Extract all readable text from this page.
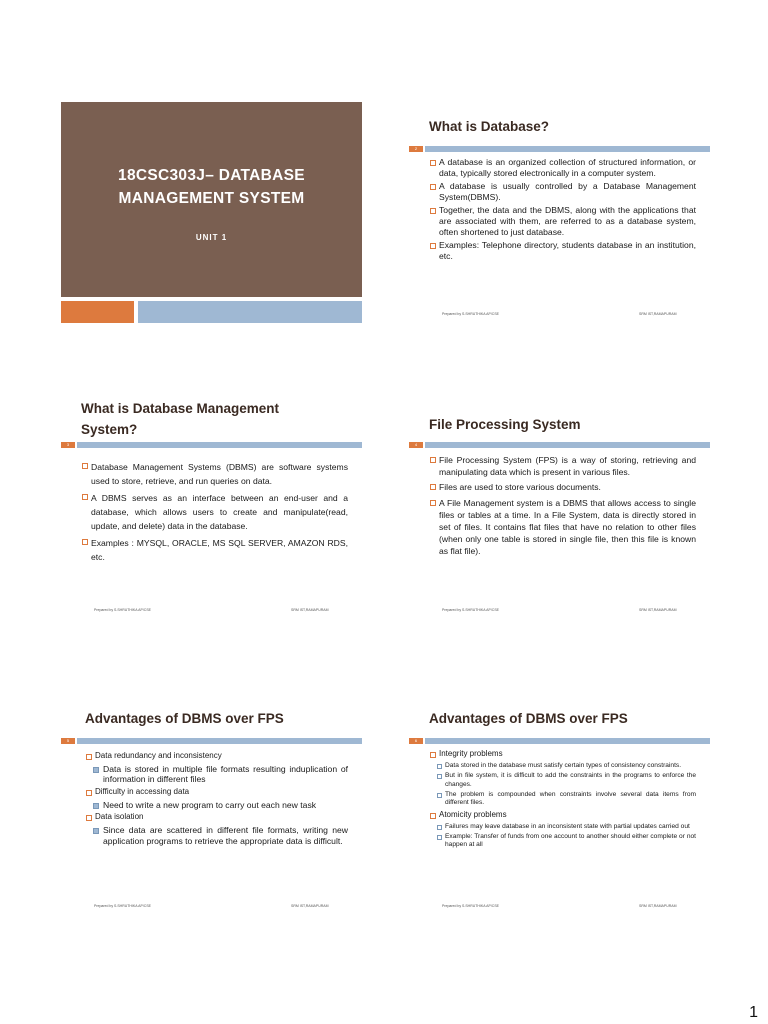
18CSC303J– DATABASE
MANAGEMENT SYSTEM
UNIT 1
What is Database?
2
A database is an organized collection of structured information, or data, typically stored electronically in a computer system.
A database is usually controlled by a Database Management System(DBMS).
Together, the data and the DBMS, along with the applications that are associated with them, are referred to as a database system, often shortened to just database.
Examples: Telephone directory, students database in an institution, etc.
Prepared by S.SHRUTHIKA AP/CSE	SRM IST,RAMAPURAM
What is Database Management System?
3
Database Management Systems (DBMS) are software systems used to store, retrieve, and run queries on data.
A DBMS serves as an interface between an end-user and a database, which allows users to create and manipulate(read, update, and delete) data in the database.
Examples : MYSQL, ORACLE, MS SQL SERVER, AMAZON RDS, etc.
Prepared by S.SHRUTHIKA AP/CSE	SRM IST,RAMAPURAM
File Processing System
4
File Processing System (FPS) is a way of storing, retrieving and manipulating data which is present in various files.
Files are used to store various documents.
A File Management system is a DBMS that allows access to single files or tables at a time. In a File System, data is directly stored in set of files. It contains flat files that have no relation to other files (when only one table is stored in single file, then this file is known as flat file).
Prepared by S.SHRUTHIKA AP/CSE	SRM IST,RAMAPURAM
Advantages of DBMS over FPS
5
Data redundancy and inconsistency
Data is stored in multiple file formats resulting induplication of information in different files
Difficulty in accessing data
Need to write a new program to carry out each new task
Data isolation
Since data are scattered in different file formats, writing new application programs to retrieve the appropriate data is difficult.
Prepared by S.SHRUTHIKA AP/CSE	SRM IST,RAMAPURAM
Advantages of DBMS over FPS
6
Integrity problems
Data stored in the database must satisfy certain types of consistency constraints.
But in file system, it is difficult to add the constraints in the programs to enforce the changes.
The problem is compounded when constraints involve several data items from different files.
Atomicity problems
Failures may leave database in an inconsistent state with partial updates carried out
Example: Transfer of funds from one account to another should either complete or not happen at all
Prepared by S.SHRUTHIKA AP/CSE	SRM IST,RAMAPURAM
1
